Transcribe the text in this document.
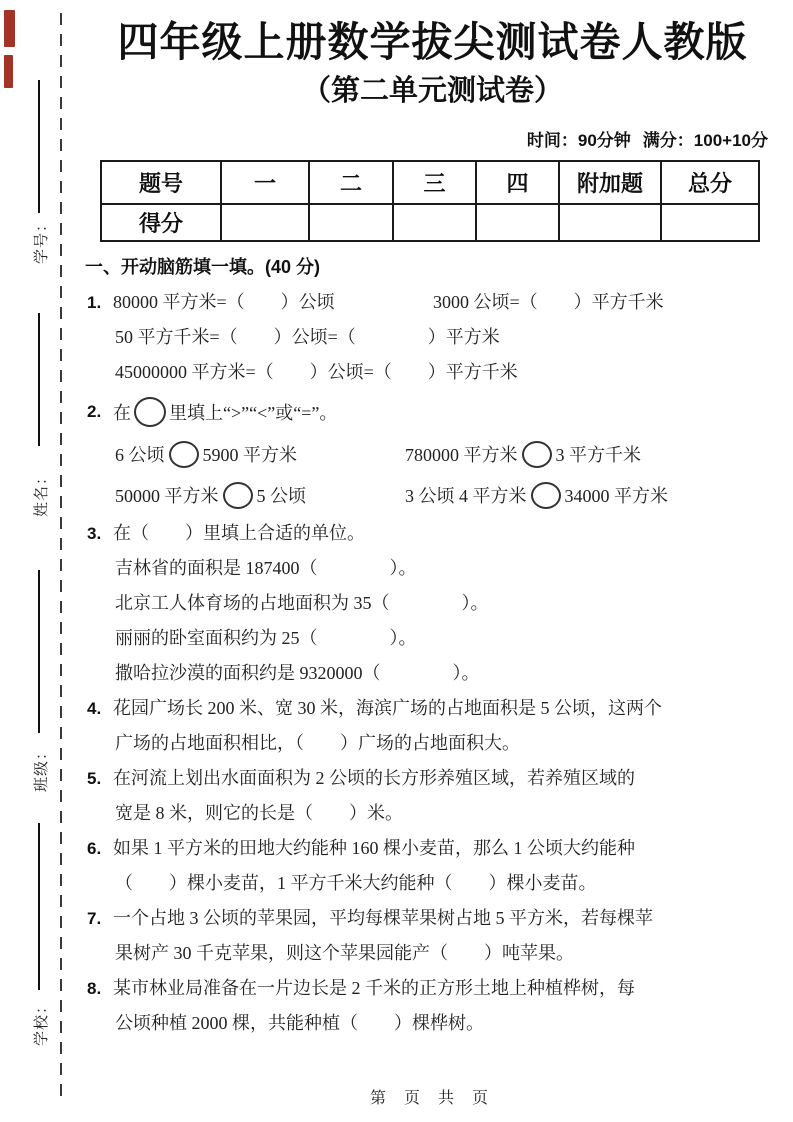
学号：
姓名：
班级：
学校：
四年级上册数学拔尖测试卷人教版
（第二单元测试卷）
时间：90分钟 满分：100+10分
题号	一	二	三	四	附加题	总分
得分						
一、开动脑筋填一填。(40 分)
1. 80000 平方米=（　　）公顷	3000 公顷=（　　）平方千米
50 平方千米=（　　）公顷=（　　　　）平方米
45000000 平方米=（　　）公顷=（　　）平方千米
2. 在 里填上“>”“<”或“=”。
6 公顷 5900 平方米	780000 平方米 3 平方千米
50000 平方米 5 公顷	3 公顷 4 平方米 34000 平方米
3. 在（　　）里填上合适的单位。
吉林省的面积是 187400（　　　　）。
北京工人体育场的占地面积为 35（　　　　）。
丽丽的卧室面积约为 25（　　　　）。
撒哈拉沙漠的面积约是 9320000（　　　　）。
4. 花园广场长 200 米、宽 30 米，海滨广场的占地面积是 5 公顷，这两个
广场的占地面积相比，（　　）广场的占地面积大。
5. 在河流上划出水面面积为 2 公顷的长方形养殖区域，若养殖区域的
宽是 8 米，则它的长是（　　）米。
6. 如果 1 平方米的田地大约能种 160 棵小麦苗，那么 1 公顷大约能种
（　　）棵小麦苗，1 平方千米大约能种（　　）棵小麦苗。
7. 一个占地 3 公顷的苹果园，平均每棵苹果树占地 5 平方米，若每棵苹
果树产 30 千克苹果，则这个苹果园能产（　　）吨苹果。
8. 某市林业局准备在一片边长是 2 千米的正方形土地上种植桦树，每
公顷种植 2000 棵，共能种植（　　）棵桦树。
第 页 共 页
